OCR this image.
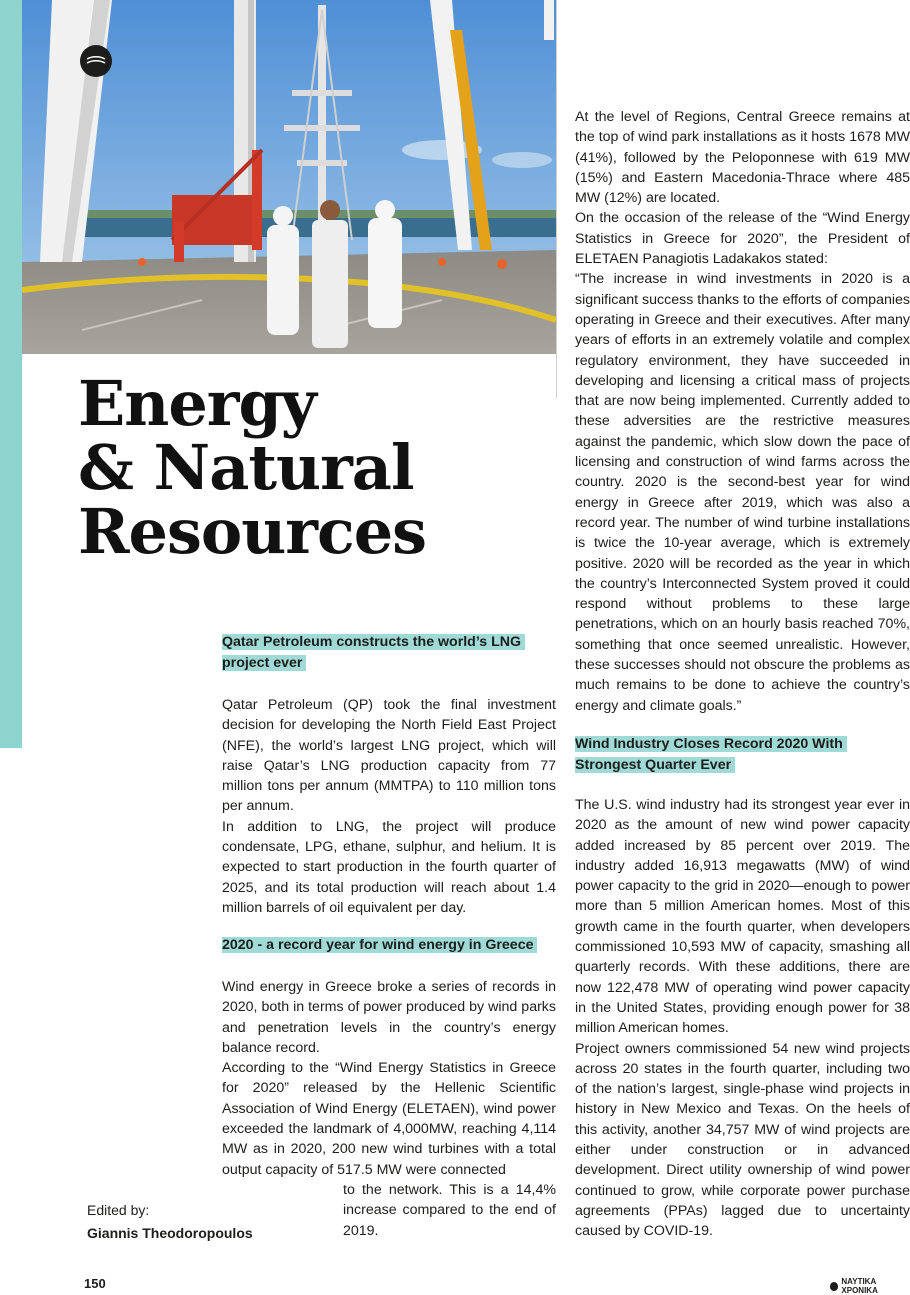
Energy
& Natural
Resources

Qatar Petroleum constructs the world’s LNG

project ever

Qatar Petroleum (QP) took the final investment decision for developing the North Field East Project (NFE), the world’s largest LNG project, which will raise Qatar’s LNG production capacity from 77 million tons per annum (MMTPA) to 110 million tons per annum.

In addition to LNG, the project will produce condensate, LPG, ethane, sulphur, and helium. It is expected to start production in the fourth quarter of 2025, and its total production will reach about 1.4 million barrels of oil equivalent per day.

2020 - a record year for wind energy in Greece

Wind energy in Greece broke a series of records in 2020, both in terms of power produced by wind parks and penetration levels in the country’s energy balance record.

According to the “Wind Energy Statistics in Greece for 2020” released by the Hellenic Scientific Association of Wind Energy (ELETAEN), wind power exceeded the landmark of 4,000MW, reaching 4,114 MW as in 2020, 200 new wind turbines with a total output capacity of 517.5 MW were connected

to the network. This is a 14,4% increase compared to the end of 2019.

Edited by:
Giannis Theodoropoulos

At the level of Regions, Central Greece remains at the top of wind park installations as it hosts 1678 MW (41%), followed by the Peloponnese with 619 MW (15%) and Eastern Macedonia-Thrace where 485 MW (12%) are located.

On the occasion of the release of the “Wind Energy Statistics in Greece for 2020”, the President of ELETAEN Panagiotis Ladakakos stated:

“The increase in wind investments in 2020 is a significant success thanks to the efforts of companies operating in Greece and their executives. After many years of efforts in an extremely volatile and complex regulatory environment, they have succeeded in developing and licensing a critical mass of projects that are now being implemented. Currently added to these adversities are the restrictive measures against the pandemic, which slow down the pace of licensing and construction of wind farms across the country. 2020 is the second-best year for wind energy in Greece after 2019, which was also a record year. The number of wind turbine installations is twice the 10-year average, which is extremely positive. 2020 will be recorded as the year in which the country’s Interconnected System proved it could respond without problems to these large penetrations, which on an hourly basis reached 70%, something that once seemed unrealistic. However, these successes should not obscure the problems as much remains to be done to achieve the country’s energy and climate goals.”

Wind Industry Closes Record 2020 With

Strongest Quarter Ever

The U.S. wind industry had its strongest year ever in 2020 as the amount of new wind power capacity added increased by 85 percent over 2019. The industry added 16,913 megawatts (MW) of wind power capacity to the grid in 2020—enough to power more than 5 million American homes. Most of this growth came in the fourth quarter, when developers commissioned 10,593 MW of capacity, smashing all quarterly records. With these additions, there are now 122,478 MW of operating wind power capacity in the United States, providing enough power for 38 million American homes.

Project owners commissioned 54 new wind projects across 20 states in the fourth quarter, including two of the nation’s largest, single-phase wind projects in history in New Mexico and Texas. On the heels of this activity, another 34,757 MW of wind projects are either under construction or in advanced development. Direct utility ownership of wind power continued to grow, while corporate power purchase agreements (PPAs) lagged due to uncertainty caused by COVID-19.

150	ΝΑΥΤΙΚΑ ΧΡΟΝΙΚΑ
